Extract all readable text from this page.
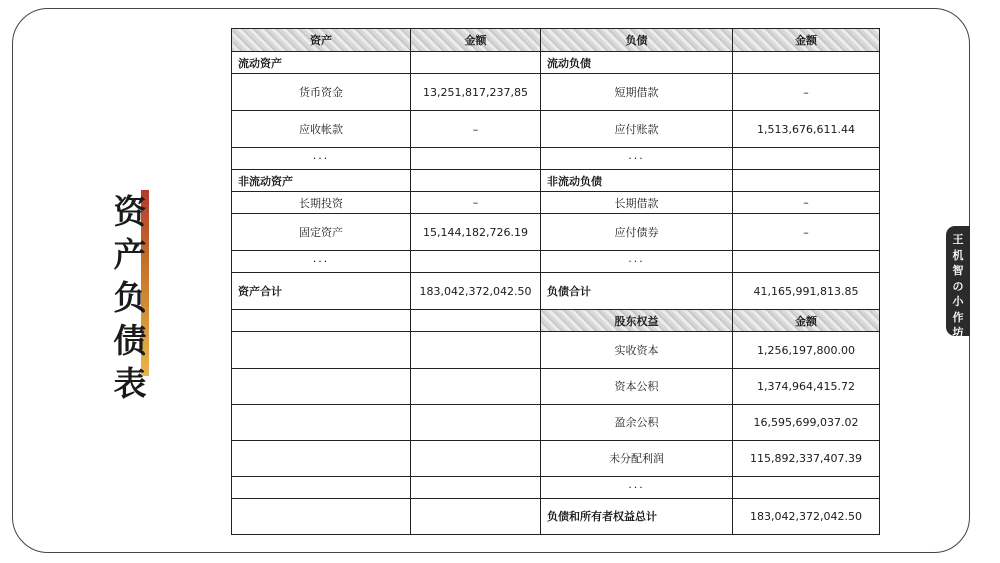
资
产
负
债
表
王
机
智
の
小
作
坊
资产	金额	负债	金额
流动资产		流动负债	
货币资金	13,251,817,237,85	短期借款	–
应收帐款	–	应付账款	1,513,676,611.44
···		···	
非流动资产		非流动负债	
长期投资	–	长期借款	–
固定资产	15,144,182,726.19	应付债券	–
···		···	
资产合计	183,042,372,042.50	负债合计	41,165,991,813.85
		股东权益	金额
		实收资本	1,256,197,800.00
		资本公积	1,374,964,415.72
		盈余公积	16,595,699,037.02
		未分配利润	115,892,337,407.39
		···	
		负债和所有者权益总计	183,042,372,042.50
